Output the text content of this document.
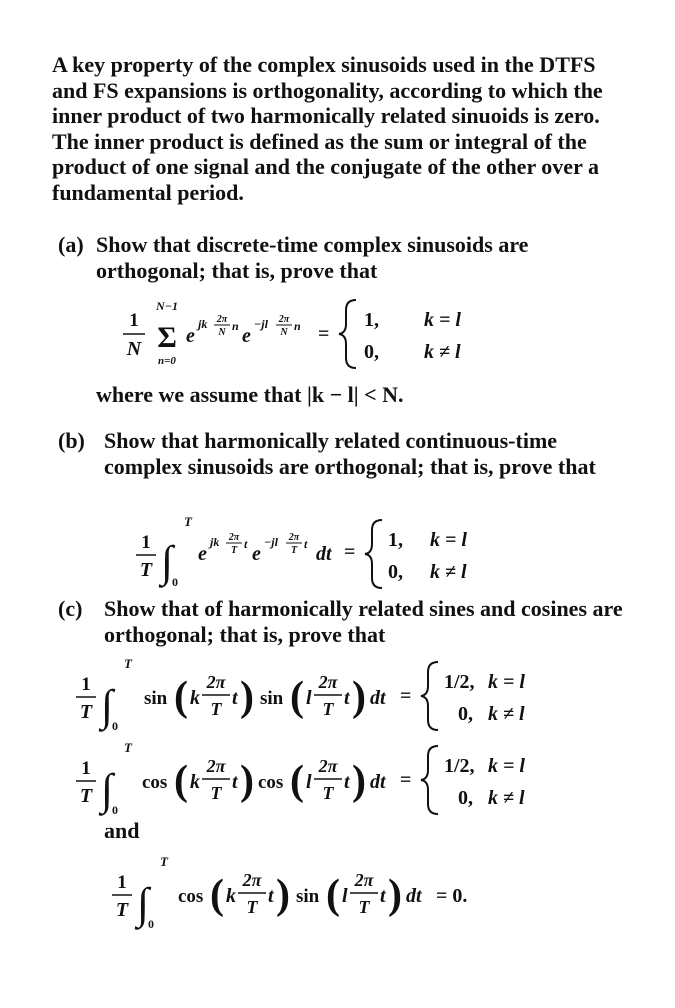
A key property of the complex sinusoids used in the DTFS and FS expansions is orthogonality, according to which the inner product of two harmonically related sinuoids is zero. The inner product is defined as the sum or integral of the product of one signal and the conjugate of the other over a fundamental period.

(a) Show that discrete-time complex sinusoids are orthogonal; that is, prove that
1
N
N−1
Σ
n=0
e
jk 2π
N n e
−jl 2π
N n =
1, k = l
0, k ≠ l
where we assume that |k − l| < N.
(b) Show that harmonically related continuous-time complex sinusoids are orthogonal; that is, prove that
1
T ∫
T
0
e
jk 2π
T t e
−jl 2π
T t dt =
1, k = l
0, k ≠ l
(c) Show that of harmonically related sines and cosines are orthogonal; that is, prove that
1
T ∫
T
0
sin ( k
2π
T t ) sin ( l
2π
T t ) dt =
1/2, k = l
0, k ≠ l
1
T ∫
T
0
cos ( k
2π
T t ) cos ( l
2π
T t ) dt =
1/2, k = l
0, k ≠ l
and
1
T ∫
T
0
cos ( k
2π
T t ) sin ( l
2π
T t ) dt = 0.
